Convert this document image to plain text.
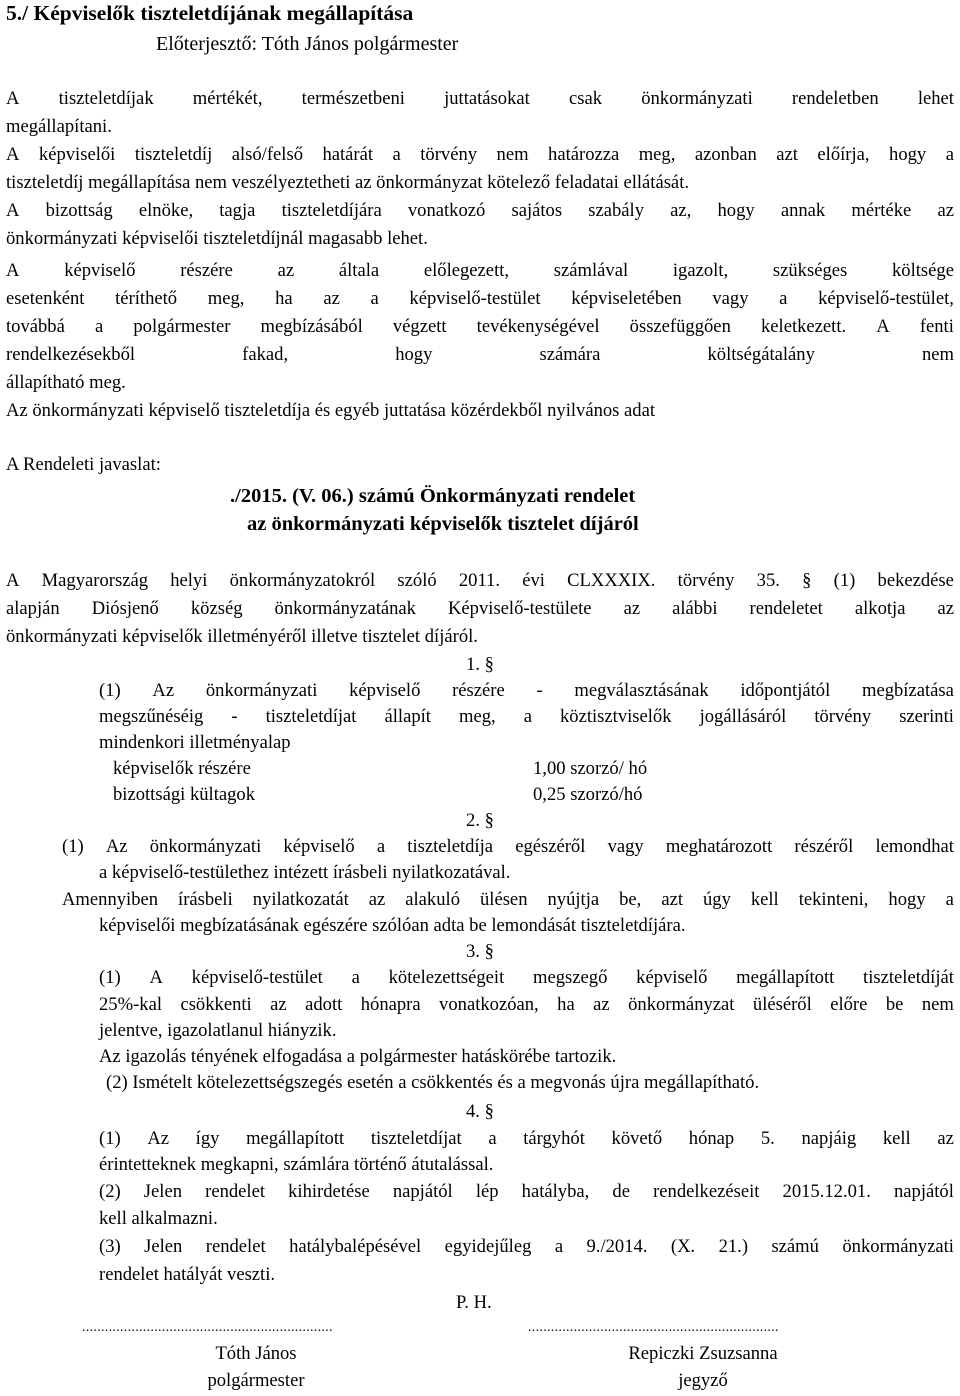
5./ Képviselők tiszteletdíjának megállapítása
Előterjesztő: Tóth János polgármester
A tiszteletdíjak mértékét, természetbeni juttatásokat csak önkormányzati rendeletben lehet
megállapítani.
A képviselői tiszteletdíj alsó/felső határát a törvény nem határozza meg, azonban azt előírja, hogy a
tiszteletdíj megállapítása nem veszélyeztetheti az önkormányzat kötelező feladatai ellátását.
A bizottság elnöke, tagja tiszteletdíjára vonatkozó sajátos szabály az, hogy annak mértéke az
önkormányzati képviselői tiszteletdíjnál magasabb lehet.
A képviselő részére az általa előlegezett, számlával igazolt, szükséges költsége
esetenként téríthető meg, ha az a képviselő-testület képviseletében vagy a képviselő-testület,
továbbá a polgármester megbízásából végzett tevékenységével összefüggően keletkezett. A fenti
rendelkezésekből fakad, hogy számára költségátalány nem
állapítható meg.
Az önkormányzati képviselő tiszteletdíja és egyéb juttatása közérdekből nyilvános adat
A Rendeleti javaslat:
./2015. (V. 06.) számú Önkormányzati rendelet
az önkormányzati képviselők tisztelet díjáról
A Magyarország helyi önkormányzatokról szóló 2011. évi CLXXXIX. törvény 35. § (1) bekezdése
alapján Diósjenő község önkormányzatának Képviselő-testülete az alábbi rendeletet alkotja az
önkormányzati képviselők illetményéről illetve tisztelet díjáról.
1. §
(1) Az önkormányzati képviselő részére - megválasztásának időpontjától megbízatása
megszűnéséig - tiszteletdíjat állapít meg, a köztisztviselők jogállásáról törvény szerinti
mindenkori illetményalap
képviselők részére	1,00 szorzó/ hó
bizottsági kültagok	0,25 szorzó/hó
2. §
(1) Az önkormányzati képviselő a tiszteletdíja egészéről vagy meghatározott részéről lemondhat
a képviselő-testülethez intézett írásbeli nyilatkozatával.
Amennyiben írásbeli nyilatkozatát az alakuló ülésen nyújtja be, azt úgy kell tekinteni, hogy a
képviselői megbízatásának egészére szólóan adta be lemondását tiszteletdíjára.
3. §
(1) A képviselő-testület a kötelezettségeit megszegő képviselő megállapított tiszteletdíját
25%-kal csökkenti az adott hónapra vonatkozóan, ha az önkormányzat üléséről előre be nem
jelentve, igazolatlanul hiányzik.
Az igazolás tényének elfogadása a polgármester hatáskörébe tartozik.
(2) Ismételt kötelezettségszegés esetén a csökkentés és a megvonás újra megállapítható.
4. §
(1) Az így megállapított tiszteletdíjat a tárgyhót követő hónap 5. napjáig kell az
érintetteknek megkapni, számlára történő átutalással.
(2) Jelen rendelet kihirdetése napjától lép hatályba, de rendelkezéseit 2015.12.01. napjától
kell alkalmazni.
(3) Jelen rendelet hatálybalépésével egyidejűleg a 9./2014. (X. 21.) számú önkormányzati
rendelet hatályát veszti.
P. H.
..................................................................	..................................................................
Tóth János
polgármester
Repiczki Zsuzsanna
jegyző
